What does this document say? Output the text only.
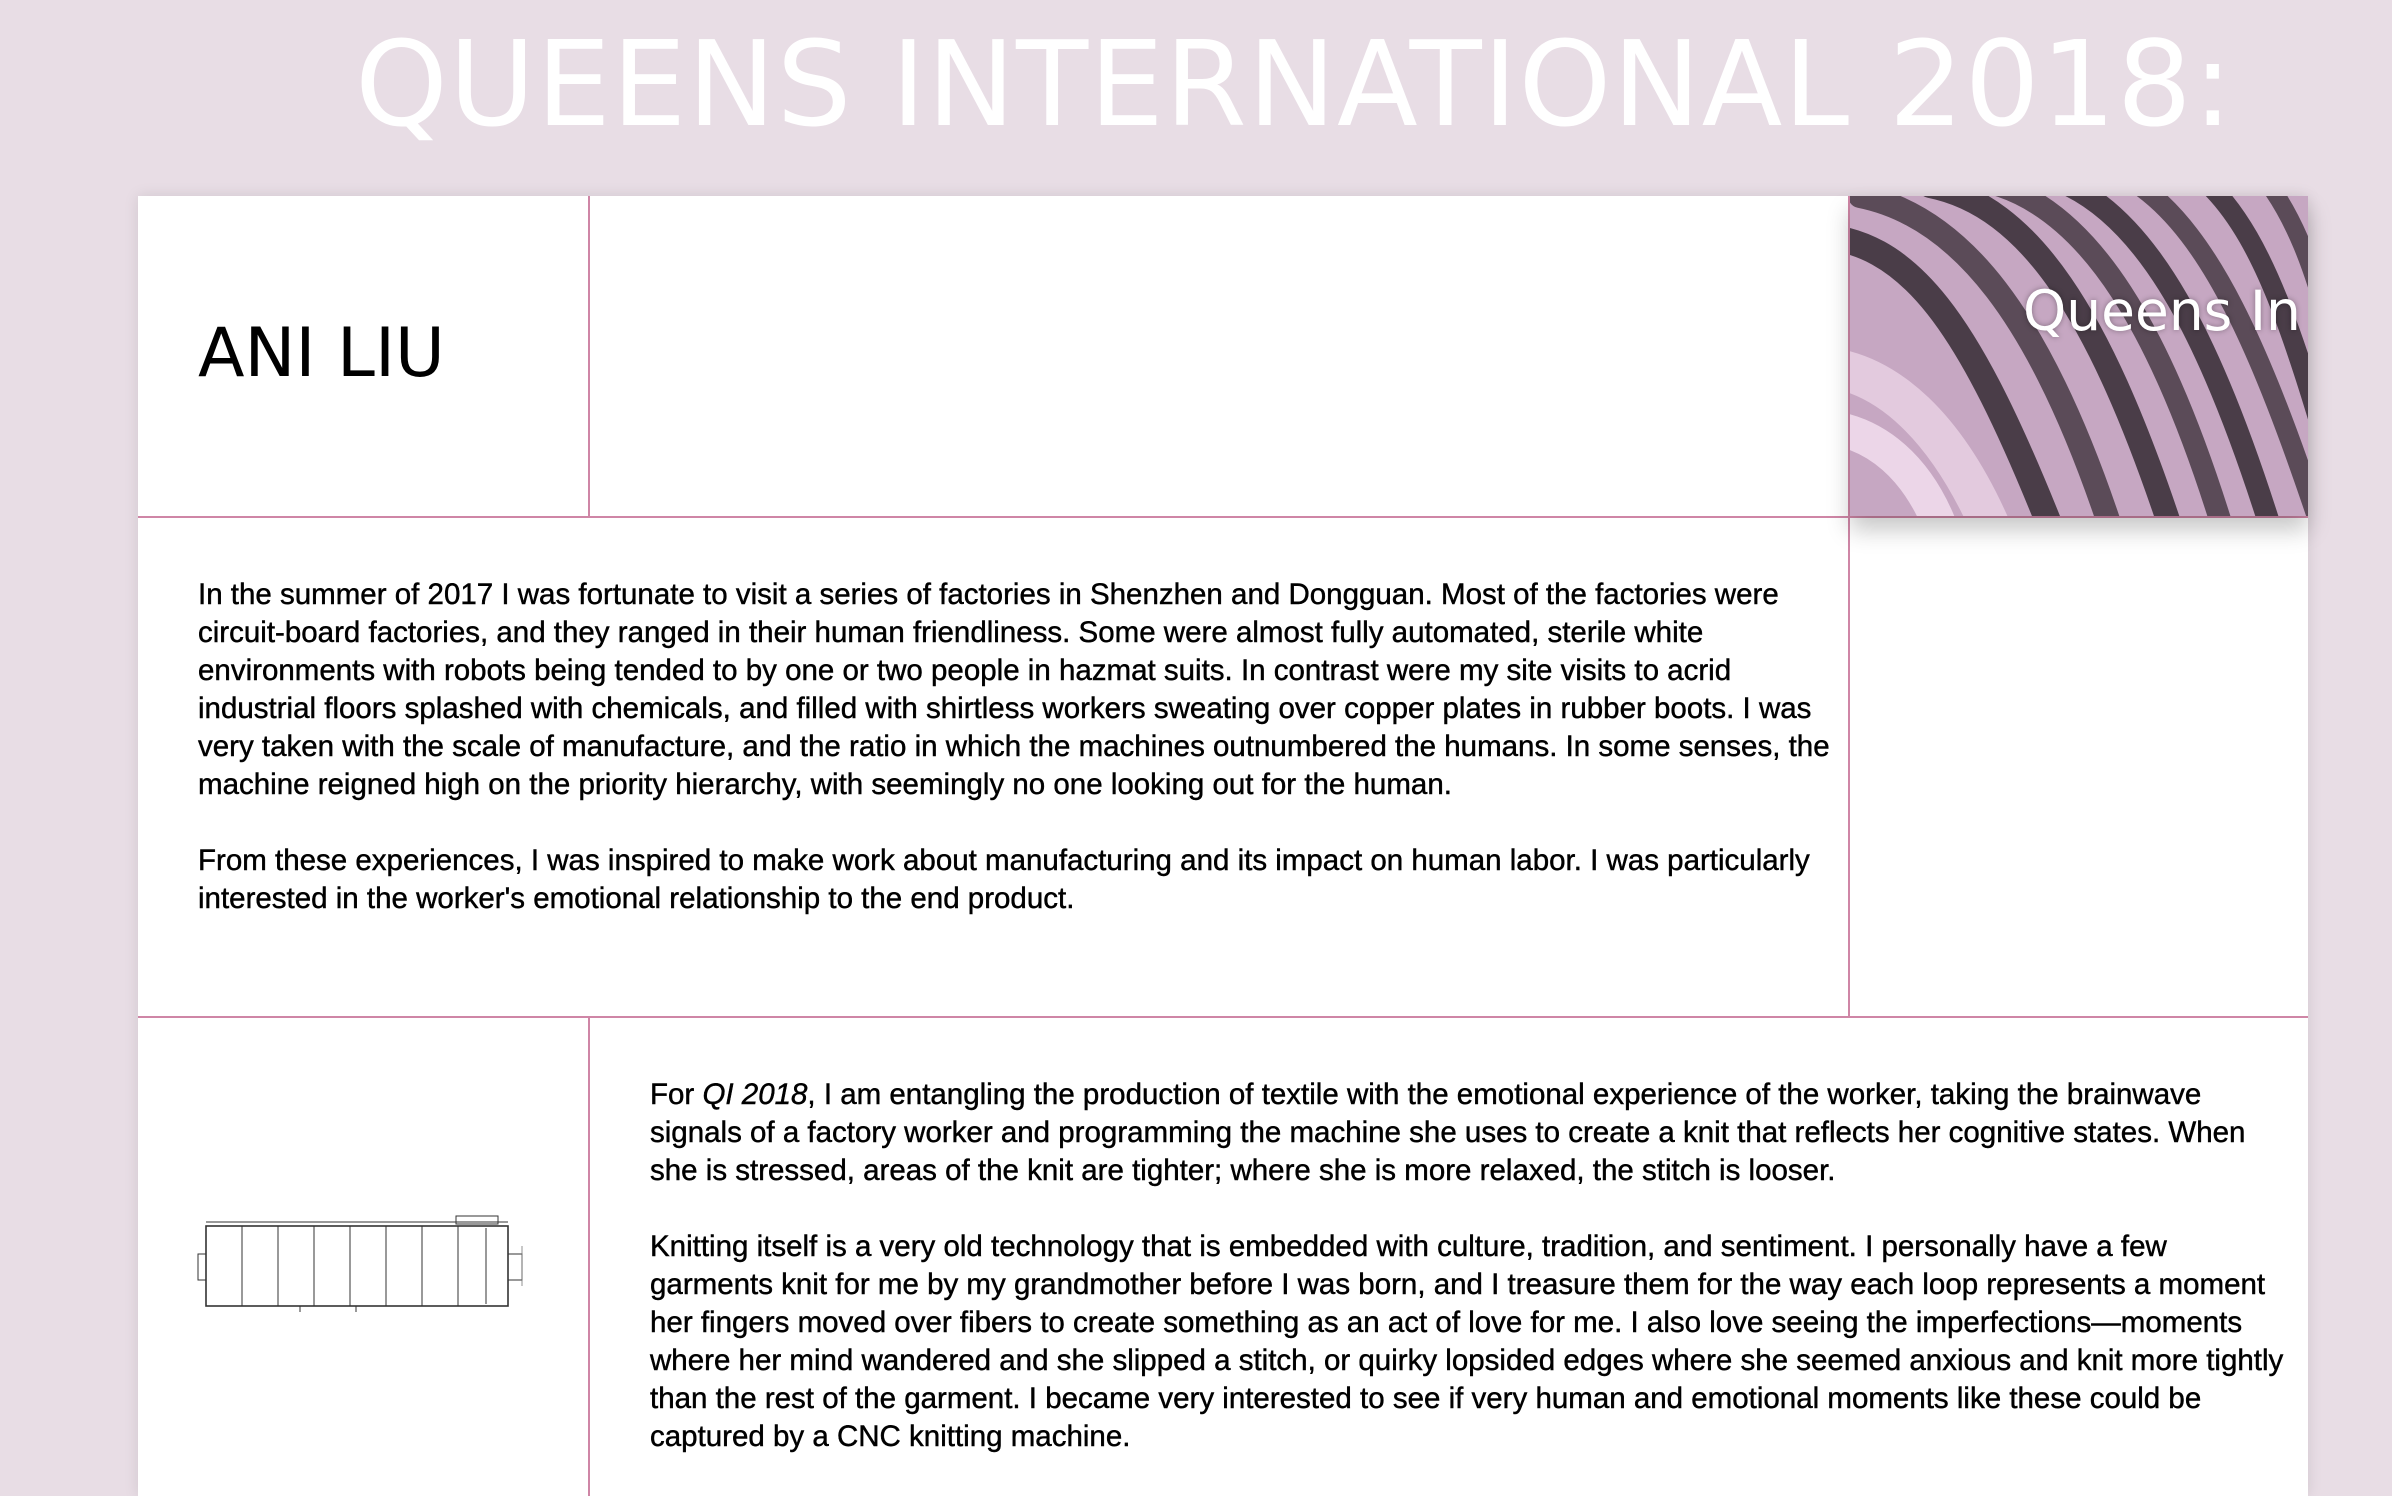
QUEENS INTERNATIONAL 2018:
ANI LIU
Queens In

In the summer of 2017 I was fortunate to visit a series of factories in Shenzhen and Dongguan. Most of the factories were circuit-board factories, and they ranged in their human friendliness. Some were almost fully automated, sterile white environments with robots being tended to by one or two people in hazmat suits. In contrast were my site visits to acrid industrial floors splashed with chemicals, and filled with shirtless workers sweating over copper plates in rubber boots. I was very taken with the scale of manufacture, and the ratio in which the machines outnumbered the humans. In some senses, the machine reigned high on the priority hierarchy, with seemingly no one looking out for the human.

From these experiences, I was inspired to make work about manufacturing and its impact on human labor. I was particularly interested in the worker's emotional relationship to the end product.

For QI 2018, I am entangling the production of textile with the emotional experience of the worker, taking the brainwave signals of a factory worker and programming the machine she uses to create a knit that reflects her cognitive states. When she is stressed, areas of the knit are tighter; where she is more relaxed, the stitch is looser.

Knitting itself is a very old technology that is embedded with culture, tradition, and sentiment. I personally have a few garments knit for me by my grandmother before I was born, and I treasure them for the way each loop represents a moment her fingers moved over fibers to create something as an act of love for me. I also love seeing the imperfections—moments where her mind wandered and she slipped a stitch, or quirky lopsided edges where she seemed anxious and knit more tightly than the rest of the garment. I became very interested to see if very human and emotional moments like these could be captured by a CNC knitting machine.
